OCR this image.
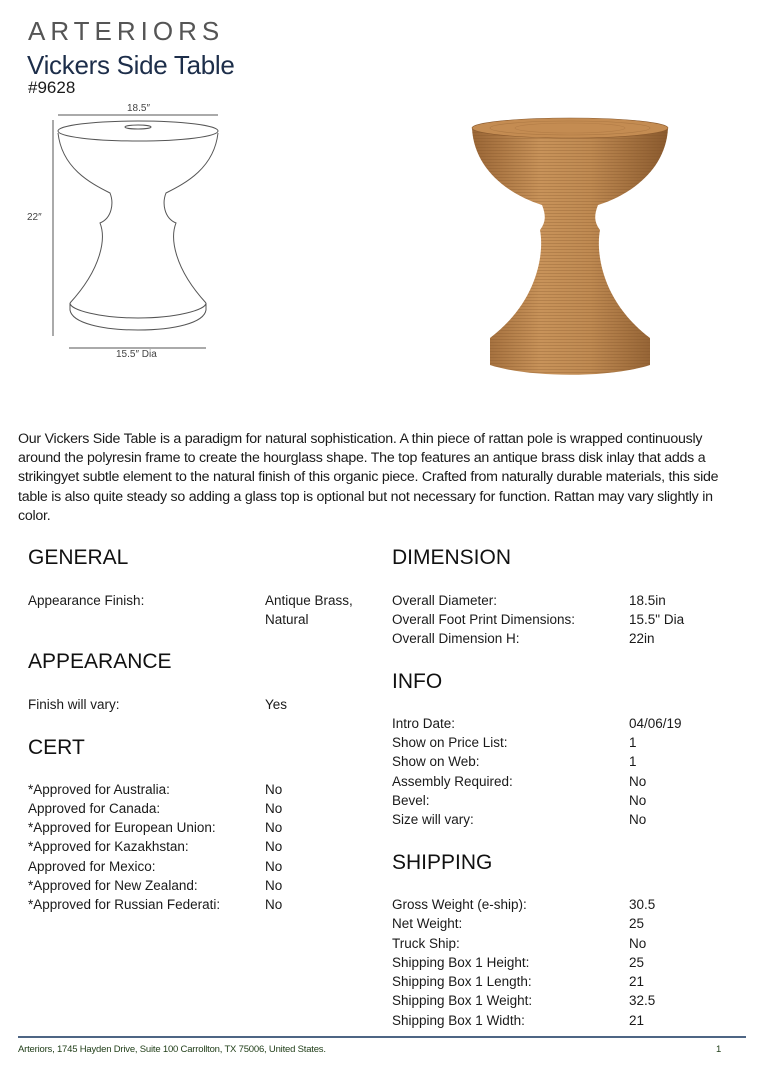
ARTERIORS
Vickers Side Table
#9628
18.5″
22″
15.5″ Dia

Our Vickers Side Table is a paradigm for natural sophistication. A thin piece of rattan pole is wrapped continuously around the polyresin frame to create the hourglass shape. The top features an antique brass disk inlay that adds a strikingyet subtle element to the natural finish of this organic piece. Crafted from naturally durable materials, this side table is also quite steady so adding a glass top is optional but not necessary for function. Rattan may vary slightly in color.

GENERAL
Appearance Finish:	Antique Brass,
Natural
APPEARANCE
Finish will vary:	Yes
CERT
*Approved for Australia:	No
Approved for Canada:	No
*Approved for European Union:	No
*Approved for Kazakhstan:	No
Approved for Mexico:	No
*Approved for New Zealand:	No
*Approved for Russian Federati:	No
DIMENSION
Overall Diameter:	18.5in
Overall Foot Print Dimensions:	15.5" Dia
Overall Dimension H:	22in
INFO
Intro Date:	04/06/19
Show on Price List:	1
Show on Web:	1
Assembly Required:	No
Bevel:	No
Size will vary:	No
SHIPPING
Gross Weight (e-ship):	30.5
Net Weight:	25
Truck Ship:	No
Shipping Box 1 Height:	25
Shipping Box 1 Length:	21
Shipping Box 1 Weight:	32.5
Shipping Box 1 Width:	21
Arteriors, 1745 Hayden Drive, Suite 100 Carrollton, TX 75006, United States.	1
